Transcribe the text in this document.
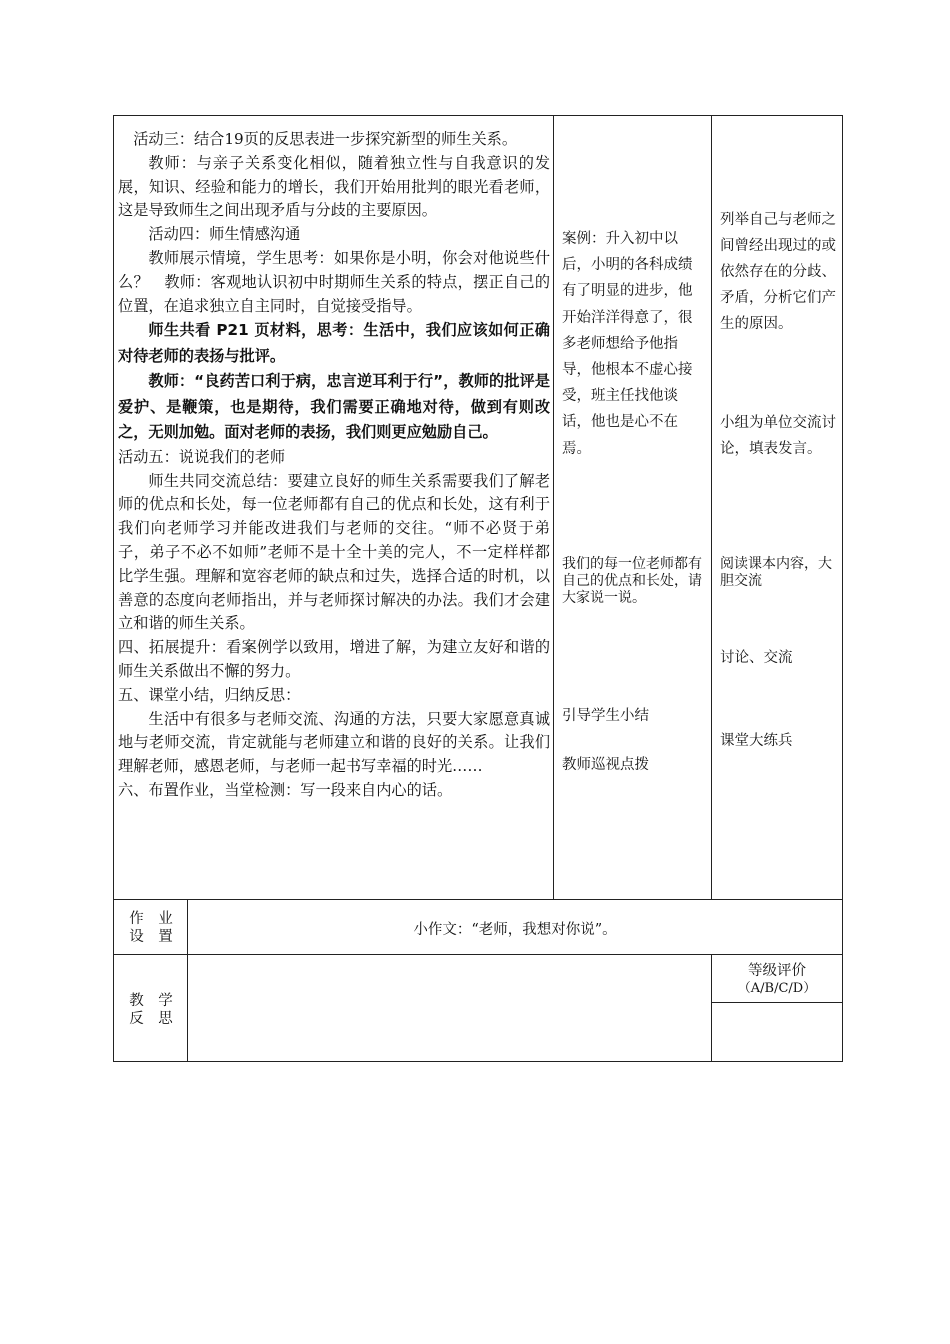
活动三：结合19页的反思表进一步探究新型的师生关系。

教师：与亲子关系变化相似，随着独立性与自我意识的发展，知识、经验和能力的增长，我们开始用批判的眼光看老师，这是导致师生之间出现矛盾与分歧的主要原因。

活动四：师生情感沟通

教师展示情境，学生思考：如果你是小明，你会对他说些什么？　教师：客观地认识初中时期师生关系的特点，摆正自己的位置，在追求独立自主同时，自觉接受指导。

师生共看 P21 页材料，思考：生活中，我们应该如何正确对待老师的表扬与批评。

教师：“良药苦口利于病，忠言逆耳利于行”，教师的批评是爱护、是鞭策，也是期待，我们需要正确地对待，做到有则改之，无则加勉。面对老师的表扬，我们则更应勉励自己。

活动五：说说我们的老师

师生共同交流总结：要建立良好的师生关系需要我们了解老师的优点和长处，每一位老师都有自己的优点和长处，这有利于我们向老师学习并能改进我们与老师的交往。“师不必贤于弟子，弟子不必不如师”老师不是十全十美的完人，不一定样样都比学生强。理解和宽容老师的缺点和过失，选择合适的时机，以善意的态度向老师指出，并与老师探讨解决的办法。我们才会建立和谐的师生关系。

四、拓展提升：看案例学以致用，增进了解，为建立友好和谐的师生关系做出不懈的努力。

五、课堂小结，归纳反思：

生活中有很多与老师交流、沟通的方法，只要大家愿意真诚地与老师交流，肯定就能与老师建立和谐的良好的关系。让我们理解老师，感恩老师，与老师一起书写幸福的时光……

六、布置作业，当堂检测：写一段来自内心的话。

案例：升入初中以后，小明的各科成绩有了明显的进步，他开始洋洋得意了，很多老师想给予他指导，他根本不虚心接受，班主任找他谈话，他也是心不在焉。
我们的每一位老师都有自己的优点和长处，请大家说一说。
引导学生小结
教师巡视点拨
列举自己与老师之间曾经出现过的或依然存在的分歧、矛盾，分析它们产生的原因。
小组为单位交流讨论，填表发言。
阅读课本内容，大胆交流
讨论、交流
课堂大练兵
作　业
设　置	小作文：“老师，我想对你说”。
教　学
反　思
等级评价
（A/B/C/D）
